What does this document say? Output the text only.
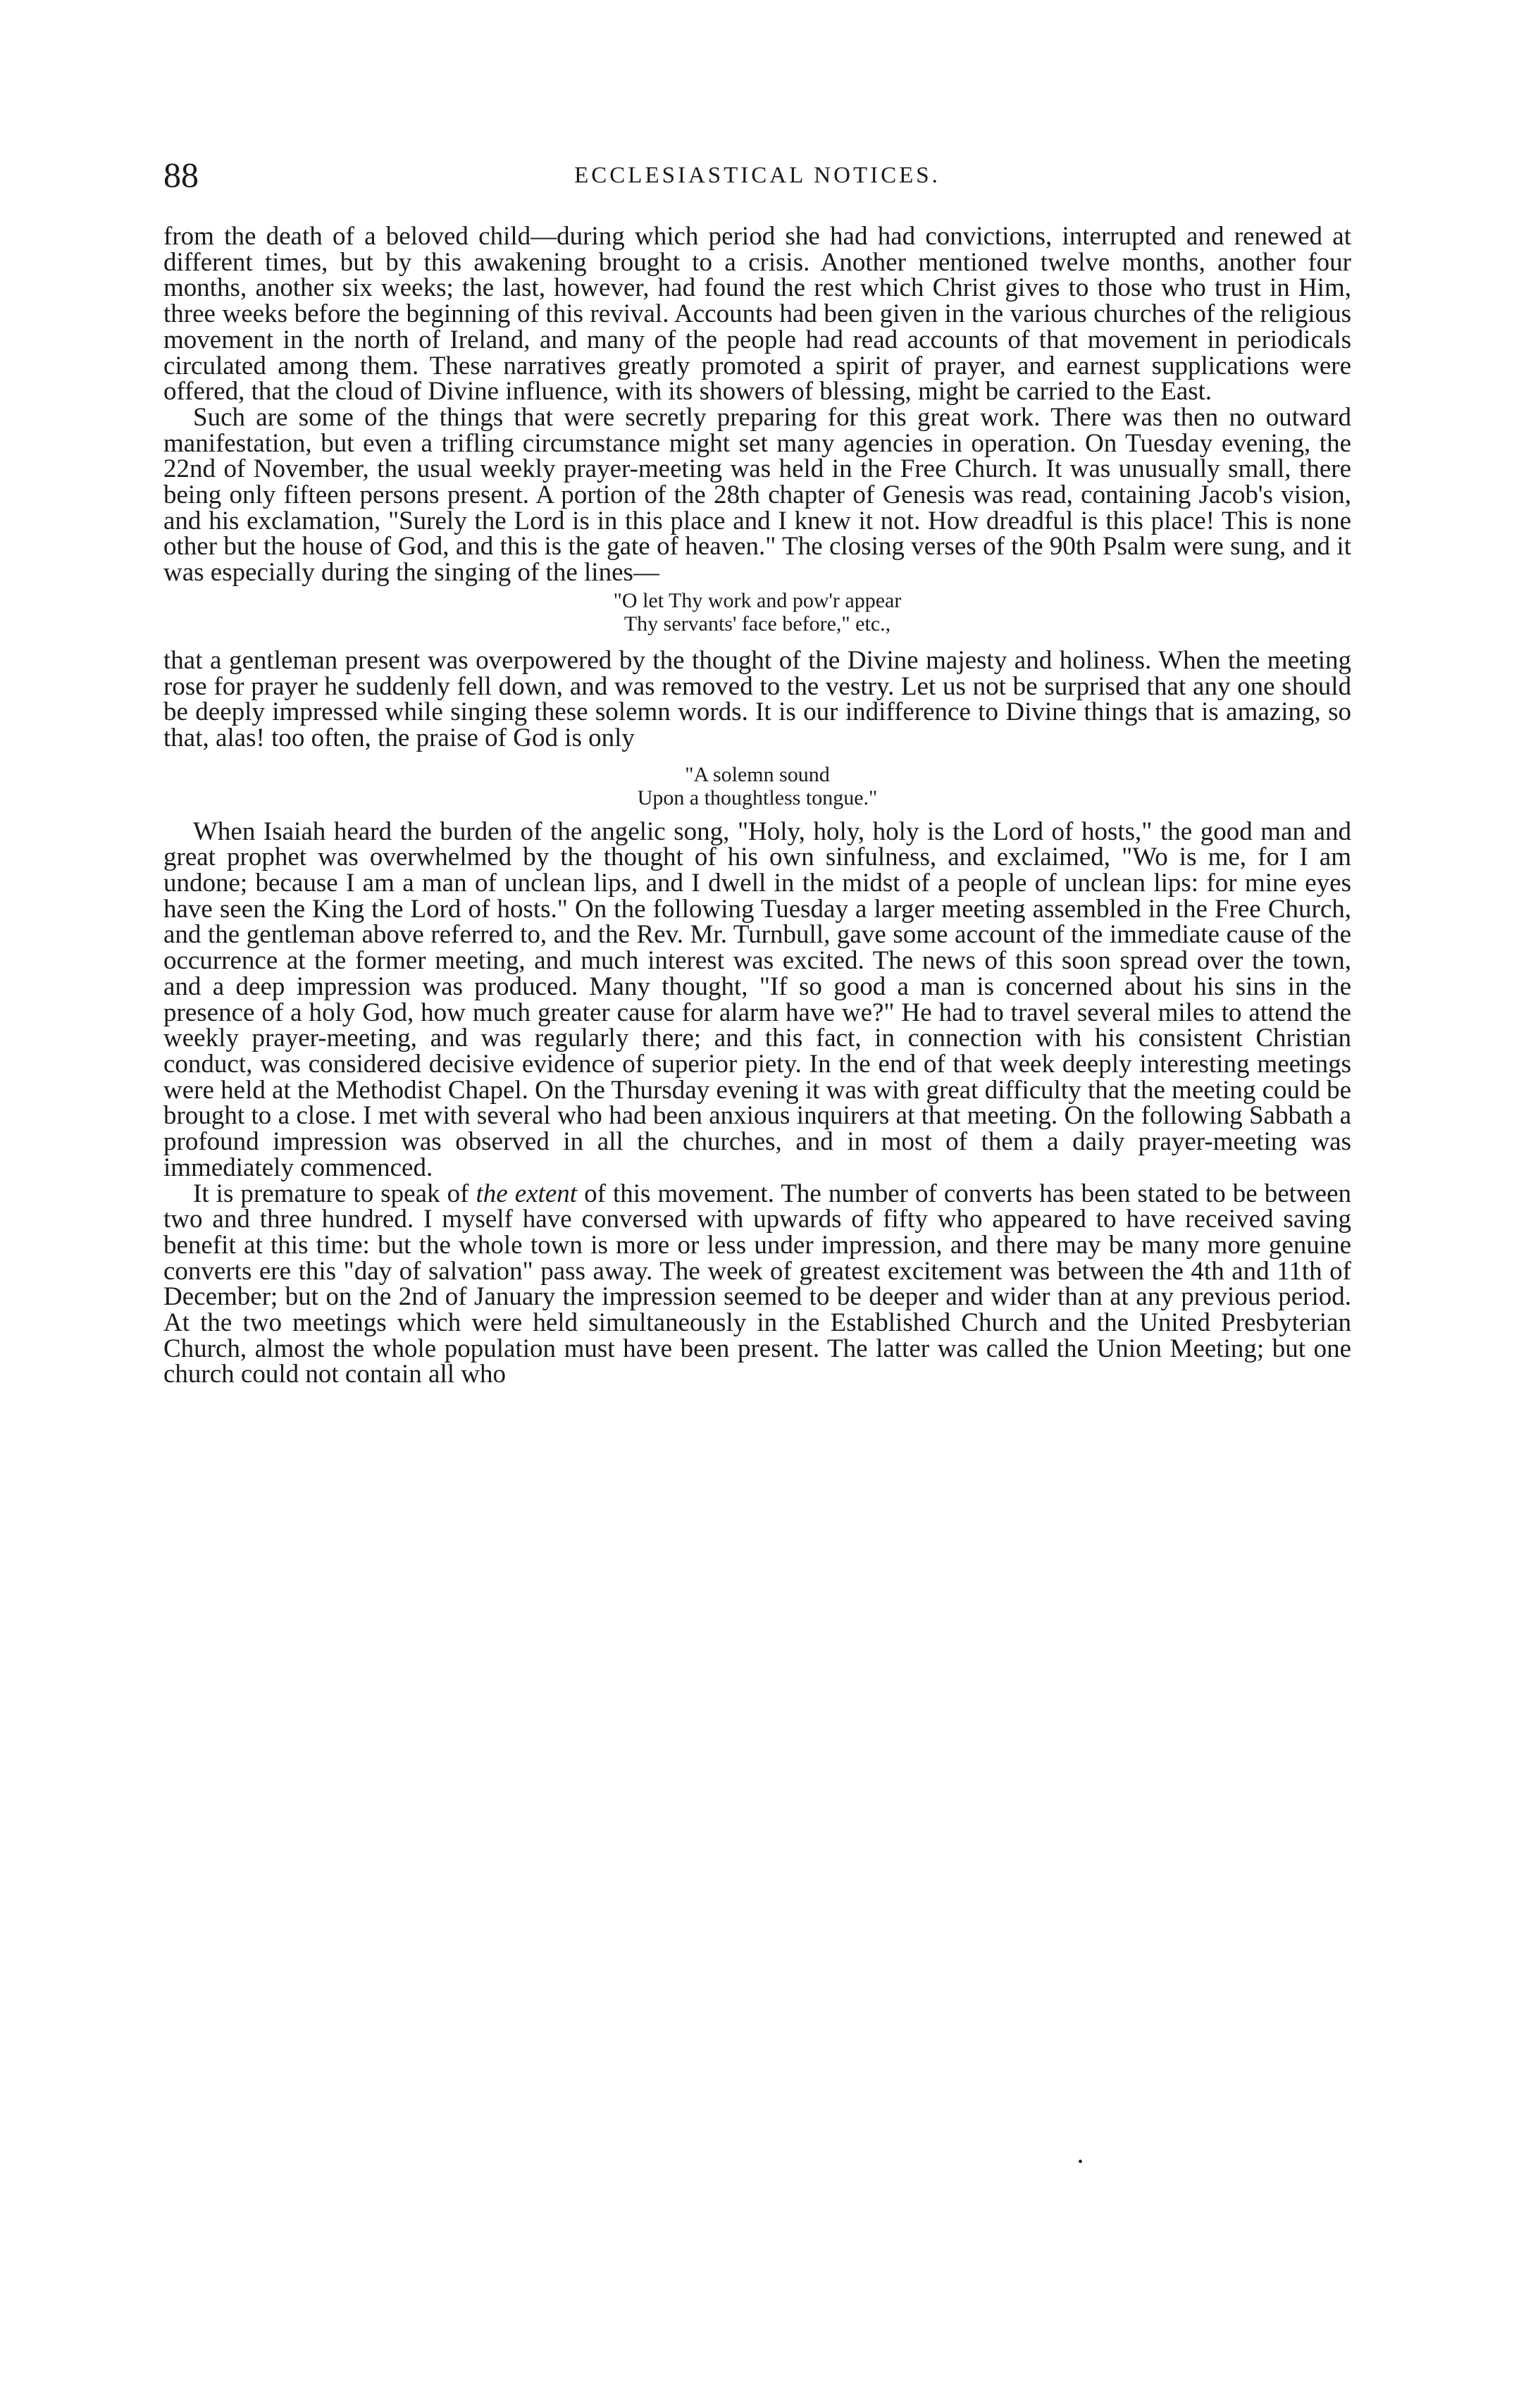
88	ECCLESIASTICAL NOTICES.

from the death of a beloved child—during which period she had had convictions, interrupted and renewed at different times, but by this awakening brought to a crisis. Another mentioned twelve months, another four months, another six weeks; the last, however, had found the rest which Christ gives to those who trust in Him, three weeks before the beginning of this revival. Accounts had been given in the various churches of the religious movement in the north of Ireland, and many of the people had read accounts of that movement in periodicals circulated among them. These narratives greatly promoted a spirit of prayer, and earnest supplications were offered, that the cloud of Divine influence, with its showers of blessing, might be carried to the East.

Such are some of the things that were secretly preparing for this great work. There was then no outward manifestation, but even a trifling circumstance might set many agencies in operation. On Tuesday evening, the 22nd of November, the usual weekly prayer-meeting was held in the Free Church. It was unusually small, there being only fifteen persons present. A portion of the 28th chapter of Genesis was read, containing Jacob's vision, and his exclamation, "Surely the Lord is in this place and I knew it not. How dreadful is this place! This is none other but the house of God, and this is the gate of heaven." The closing verses of the 90th Psalm were sung, and it was especially during the singing of the lines—

"O let Thy work and pow'r appear
Thy servants' face before," etc.,

that a gentleman present was overpowered by the thought of the Divine majesty and holiness. When the meeting rose for prayer he suddenly fell down, and was removed to the vestry. Let us not be surprised that any one should be deeply impressed while singing these solemn words. It is our indifference to Divine things that is amazing, so that, alas! too often, the praise of God is only

"A solemn sound
Upon a thoughtless tongue."

When Isaiah heard the burden of the angelic song, "Holy, holy, holy is the Lord of hosts," the good man and great prophet was overwhelmed by the thought of his own sinfulness, and exclaimed, "Wo is me, for I am undone; because I am a man of unclean lips, and I dwell in the midst of a people of unclean lips: for mine eyes have seen the King the Lord of hosts." On the following Tuesday a larger meeting assembled in the Free Church, and the gentleman above referred to, and the Rev. Mr. Turnbull, gave some account of the immediate cause of the occurrence at the former meeting, and much interest was excited. The news of this soon spread over the town, and a deep impression was produced. Many thought, "If so good a man is concerned about his sins in the presence of a holy God, how much greater cause for alarm have we?" He had to travel several miles to attend the weekly prayer-meeting, and was regularly there; and this fact, in connection with his consistent Christian conduct, was considered decisive evidence of superior piety. In the end of that week deeply interesting meetings were held at the Methodist Chapel. On the Thursday evening it was with great difficulty that the meeting could be brought to a close. I met with several who had been anxious inquirers at that meeting. On the following Sabbath a profound impression was observed in all the churches, and in most of them a daily prayer-meeting was immediately commenced.

It is premature to speak of the extent of this movement. The number of converts has been stated to be between two and three hundred. I myself have conversed with upwards of fifty who appeared to have received saving benefit at this time: but the whole town is more or less under impression, and there may be many more genuine converts ere this "day of salvation" pass away. The week of greatest excitement was between the 4th and 11th of December; but on the 2nd of January the impression seemed to be deeper and wider than at any previous period. At the two meetings which were held simultaneously in the Established Church and the United Presbyterian Church, almost the whole population must have been present. The latter was called the Union Meeting; but one church could not contain all who

•
